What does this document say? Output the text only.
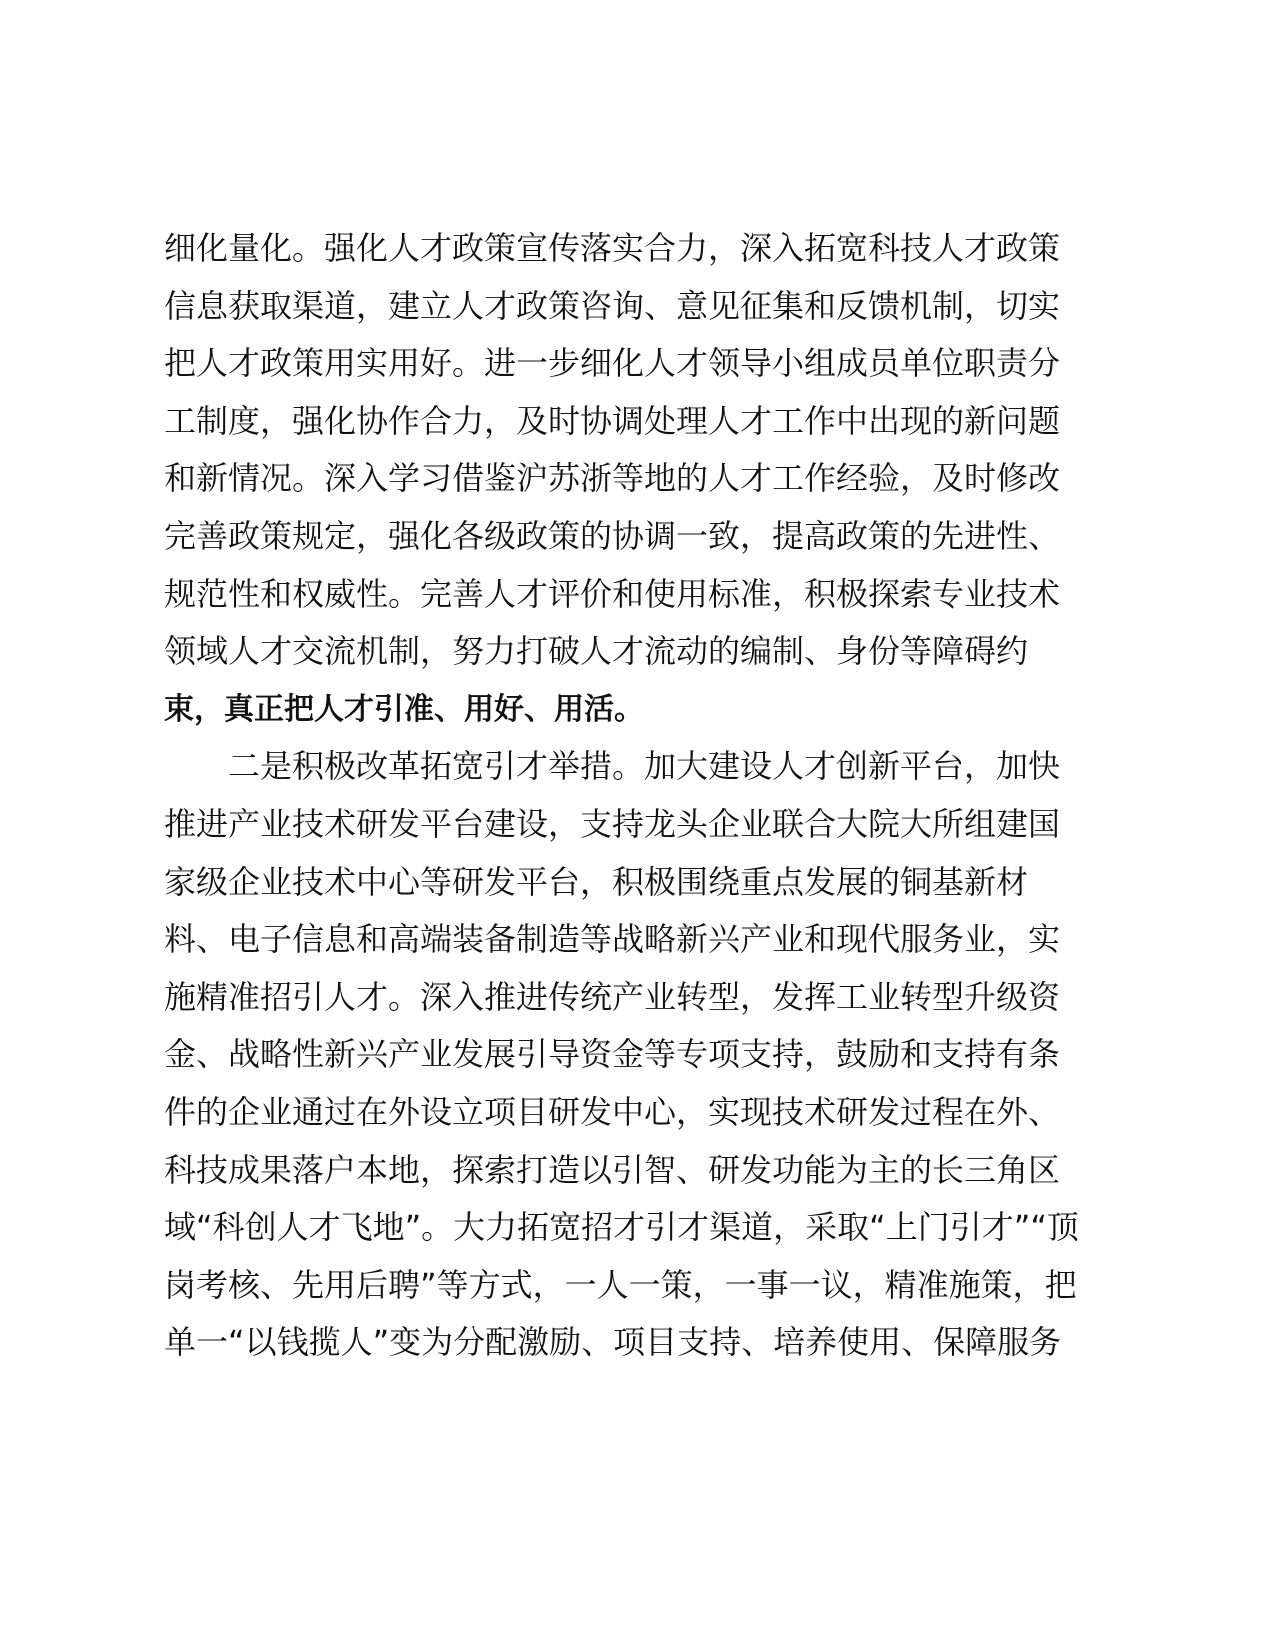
细化量化。强化人才政策宣传落实合力，深入拓宽科技人才政策
信息获取渠道，建立人才政策咨询、意见征集和反馈机制，切实
把人才政策用实用好。进一步细化人才领导小组成员单位职责分
工制度，强化协作合力，及时协调处理人才工作中出现的新问题
和新情况。深入学习借鉴沪苏浙等地的人才工作经验，及时修改
完善政策规定，强化各级政策的协调一致，提高政策的先进性、
规范性和权威性。完善人才评价和使用标准，积极探索专业技术
领域人才交流机制，努力打破人才流动的编制、身份等障碍约
束，真正把人才引准、用好、用活。
　　二是积极改革拓宽引才举措。加大建设人才创新平台，加快
推进产业技术研发平台建设，支持龙头企业联合大院大所组建国
家级企业技术中心等研发平台，积极围绕重点发展的铜基新材
料、电子信息和高端装备制造等战略新兴产业和现代服务业，实
施精准招引人才。深入推进传统产业转型，发挥工业转型升级资
金、战略性新兴产业发展引导资金等专项支持，鼓励和支持有条
件的企业通过在外设立项目研发中心，实现技术研发过程在外、
科技成果落户本地，探索打造以引智、研发功能为主的长三角区
域“科创人才飞地”。大力拓宽招才引才渠道，采取“上门引才”“顶
岗考核、先用后聘”等方式，一人一策，一事一议，精准施策，把
单一“以钱揽人”变为分配激励、项目支持、培养使用、保障服务
